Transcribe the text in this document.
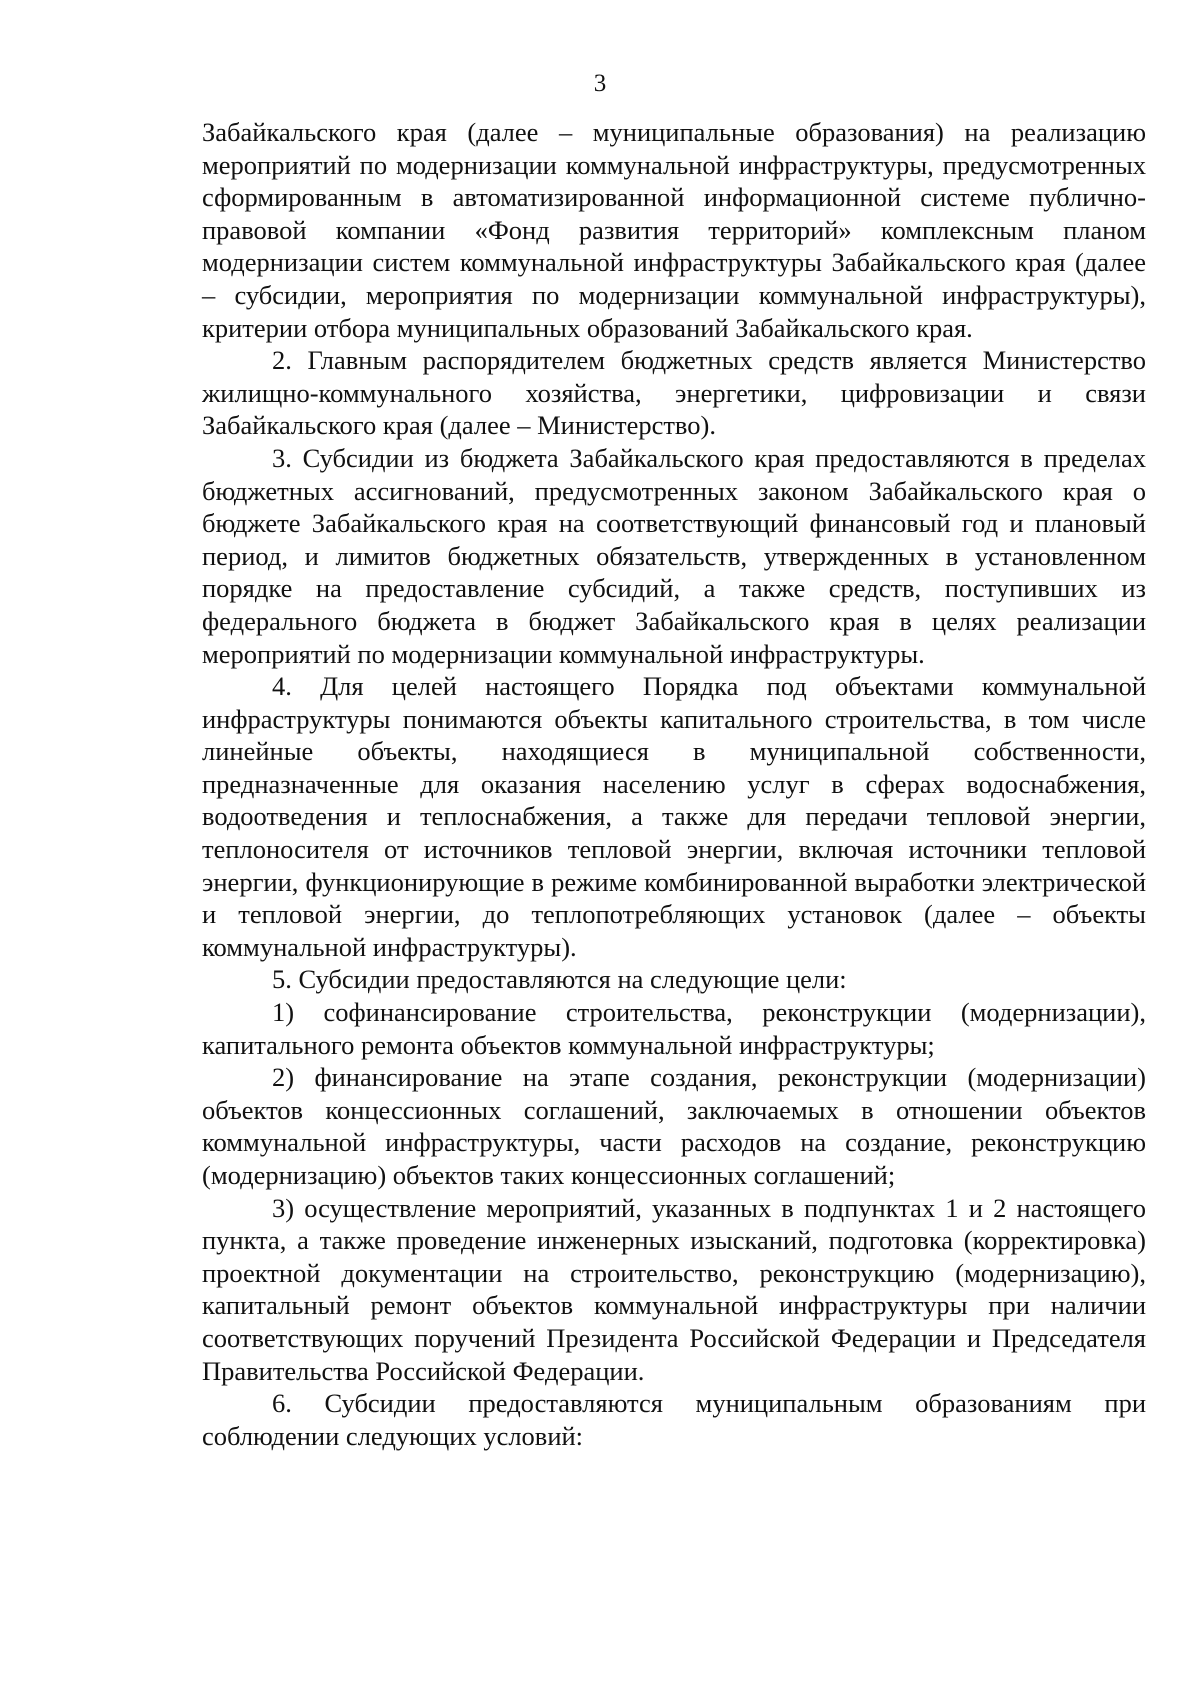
3

Забайкальского края (далее – муниципальные образования) на реализацию мероприятий по модернизации коммунальной инфраструктуры, предусмотренных сформированным в автоматизированной информационной системе публично-правовой компании «Фонд развития территорий» комплексным планом модернизации систем коммунальной инфраструктуры Забайкальского края (далее – субсидии, мероприятия по модернизации коммунальной инфраструктуры), критерии отбора муниципальных образований Забайкальского края.

2. Главным распорядителем бюджетных средств является Министерство жилищно-коммунального хозяйства, энергетики, цифровизации и связи Забайкальского края (далее – Министерство).

3. Субсидии из бюджета Забайкальского края предоставляются в пределах бюджетных ассигнований, предусмотренных законом Забайкальского края о бюджете Забайкальского края на соответствующий финансовый год и плановый период, и лимитов бюджетных обязательств, утвержденных в установленном порядке на предоставление субсидий, а также средств, поступивших из федерального бюджета в бюджет Забайкальского края в целях реализации мероприятий по модернизации коммунальной инфраструктуры.

4. Для целей настоящего Порядка под объектами коммунальной инфраструктуры понимаются объекты капитального строительства, в том числе линейные объекты, находящиеся в муниципальной собственности, предназначенные для оказания населению услуг в сферах водоснабжения, водоотведения и теплоснабжения, а также для передачи тепловой энергии, теплоносителя от источников тепловой энергии, включая источники тепловой энергии, функционирующие в режиме комбинированной выработки электрической и тепловой энергии, до теплопотребляющих установок (далее – объекты коммунальной инфраструктуры).

5. Субсидии предоставляются на следующие цели:

1) софинансирование строительства, реконструкции (модернизации), капитального ремонта объектов коммунальной инфраструктуры;

2) финансирование на этапе создания, реконструкции (модернизации) объектов концессионных соглашений, заключаемых в отношении объектов коммунальной инфраструктуры, части расходов на создание, реконструкцию (модернизацию) объектов таких концессионных соглашений;

3) осуществление мероприятий, указанных в подпунктах 1 и 2 настоящего пункта, а также проведение инженерных изысканий, подготовка (корректировка) проектной документации на строительство, реконструкцию (модернизацию), капитальный ремонт объектов коммунальной инфраструктуры при наличии соответствующих поручений Президента Российской Федерации и Председателя Правительства Российской Федерации.

6. Субсидии предоставляются муниципальным образованиям при соблюдении следующих условий:
